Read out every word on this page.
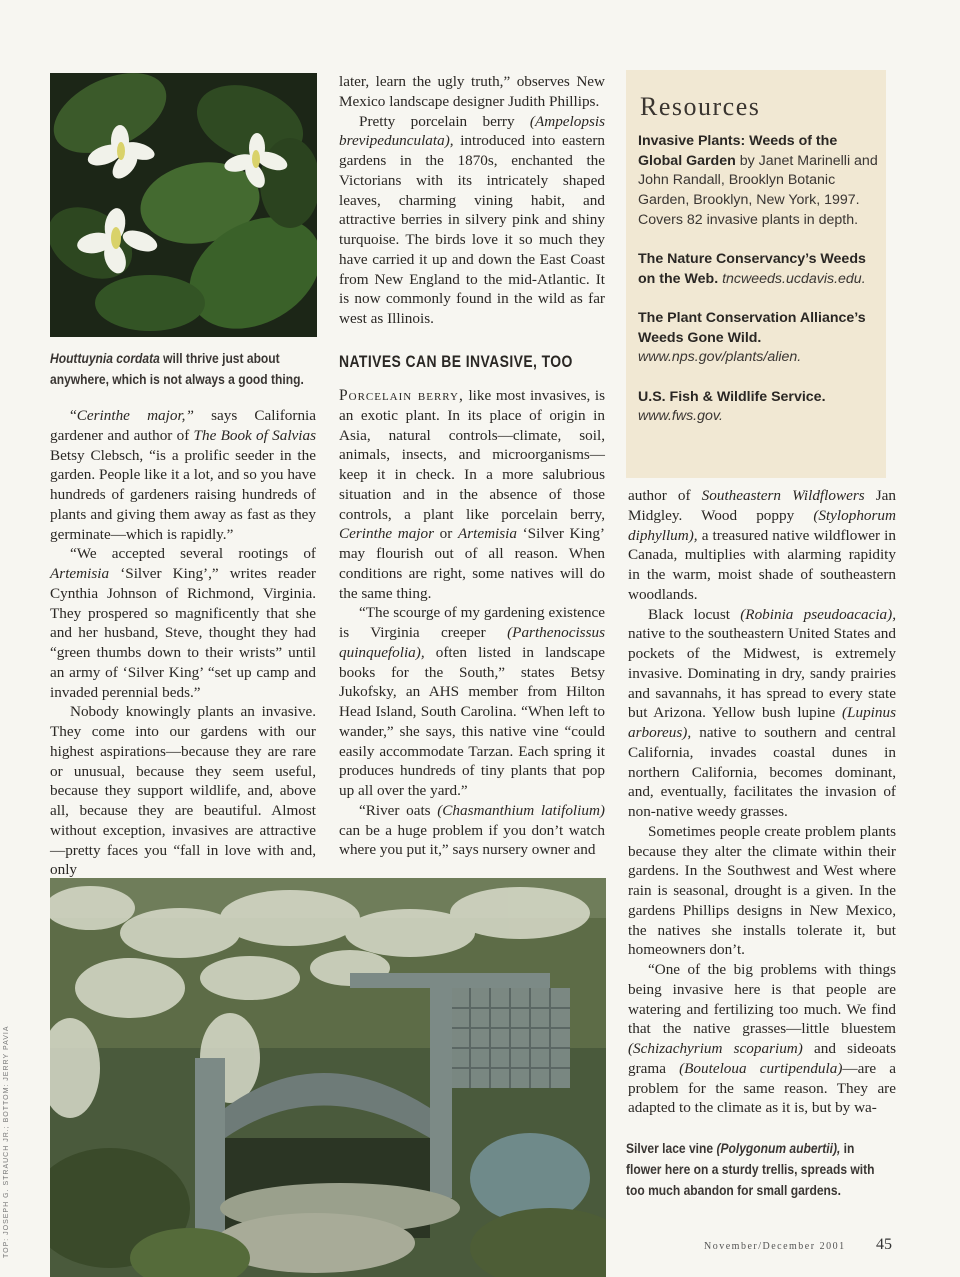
Houttuynia cordata will thrive just about anywhere, which is not always a good thing.

“Cerinthe major,” says California gardener and author of The Book of Salvias Betsy Clebsch, “is a prolific seeder in the garden. People like it a lot, and so you have hundreds of gardeners raising hundreds of plants and giving them away as fast as they germinate—which is rapidly.”

“We accepted several rootings of Artemisia ‘Silver King’,” writes reader Cynthia Johnson of Richmond, Virginia. They prospered so magnificently that she and her husband, Steve, thought they had “green thumbs down to their wrists” until an army of ‘Silver King’ “set up camp and invaded perennial beds.”

Nobody knowingly plants an invasive. They come into our gardens with our highest aspirations—because they are rare or unusual, because they seem useful, because they support wildlife, and, above all, because they are beautiful. Almost without exception, invasives are attractive—pretty faces you “fall in love with and, only

later, learn the ugly truth,” observes New Mexico landscape designer Judith Phillips.

Pretty porcelain berry (Ampelopsis brevipedunculata), introduced into eastern gardens in the 1870s, enchanted the Victorians with its intricately shaped leaves, charming vining habit, and attractive berries in silvery pink and shiny turquoise. The birds love it so much they have carried it up and down the East Coast from New England to the mid-Atlantic. It is now commonly found in the wild as far west as Illinois.

NATIVES CAN BE INVASIVE, TOO

Porcelain berry, like most invasives, is an exotic plant. In its place of origin in Asia, natural controls—climate, soil, animals, insects, and microorganisms—keep it in check. In a more salubrious situation and in the absence of those controls, a plant like porcelain berry, Cerinthe major or Artemisia ‘Silver King’ may flourish out of all reason. When conditions are right, some natives will do the same thing.

“The scourge of my gardening existence is Virginia creeper (Parthenocissus quinquefolia), often listed in landscape books for the South,” states Betsy Jukofsky, an AHS member from Hilton Head Island, South Carolina. “When left to wander,” she says, this native vine “could easily accommodate Tarzan. Each spring it produces hundreds of tiny plants that pop up all over the yard.”

“River oats (Chasmanthium latifolium) can be a huge problem if you don’t watch where you put it,” says nursery owner and

Resources

Invasive Plants: Weeds of the Global Garden by Janet Marinelli and John Randall, Brooklyn Botanic Garden, Brooklyn, New York, 1997. Covers 82 invasive plants in depth.

The Nature Conservancy’s Weeds on the Web. tncweeds.ucdavis.edu.

The Plant Conservation Alliance’s Weeds Gone Wild.
www.nps.gov/plants/alien.

U.S. Fish & Wildlife Service.
www.fws.gov.

author of Southeastern Wildflowers Jan Midgley. Wood poppy (Stylophorum diphyllum), a treasured native wildflower in Canada, multiplies with alarming rapidity in the warm, moist shade of southeastern woodlands.

Black locust (Robinia pseudoacacia), native to the southeastern United States and pockets of the Midwest, is extremely invasive. Dominating in dry, sandy prairies and savannahs, it has spread to every state but Arizona. Yellow bush lupine (Lupinus arboreus), native to southern and central California, invades coastal dunes in northern California, becomes dominant, and, eventually, facilitates the invasion of non-native weedy grasses.

Sometimes people create problem plants because they alter the climate within their gardens. In the Southwest and West where rain is seasonal, drought is a given. In the gardens Phillips designs in New Mexico, the natives she installs tolerate it, but homeowners don’t.

“One of the big problems with things being invasive here is that people are watering and fertilizing too much. We find that the native grasses—little bluestem (Schizachyrium scoparium) and sideoats grama (Bouteloua curtipendula)—are a problem for the same reason. They are adapted to the climate as it is, but by wa-

Silver lace vine (Polygonum aubertii), in flower here on a sturdy trellis, spreads with too much abandon for small gardens.
TOP: JOSEPH G. STRAUCH JR.; BOTTOM: JERRY PAVIA	November/December 2001 45
